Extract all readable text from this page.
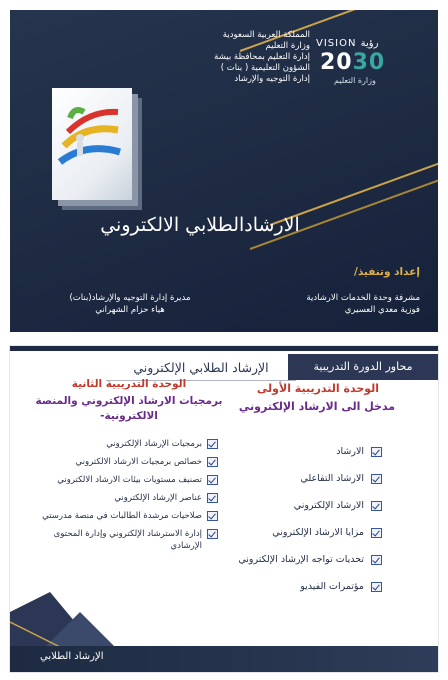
المملكة العربية السعودية
وزارة التعليم
إدارة التعليم بمحافظة بيشة
الشؤون التعليمية ( بنات )
إدارة التوجيه والإرشاد
VISION رؤية
2030
وزارة التعليم
الارشادالطلابي الالكتروني
إعداد وتنفيذ/
مشرفة وحدة الخدمات الارشادية
فوزية معدي العسيري
مديرة إدارة التوجيه والإرشاد(بنات)
هياء حزام الشهراني
محاور الدورة التدريبية
الإرشاد الطلابي الإلكتروني
الوحدة التدريبية الأولى
مدخل الى الارشاد الإلكتروني
الوحدة التدريبية الثانية
برمجيات الارشاد الإلكتروني والمنصة الالكترونية-
الارشاد
الارشاد التفاعلي
الارشاد الإلكتروني
مزايا الارشاد الإلكتروني
تحديات تواجه الإرشاد الإلكتروني
مؤتمرات الفيديو
برمجيات الإرشاد الإلكتروني
خصائص برمجيات الارشاد الالكتروني
تصنيف مستويات بيئات الارشاد الالكتروني
عناصر الإرشاد الإلكتروني
صلاحيات مرشدة الطالبات في منصة مدرستي
إدارة الاسترشاد الإلكتروني وإدارة المحتوى الإرشادي
الإرشاد الطلابي
